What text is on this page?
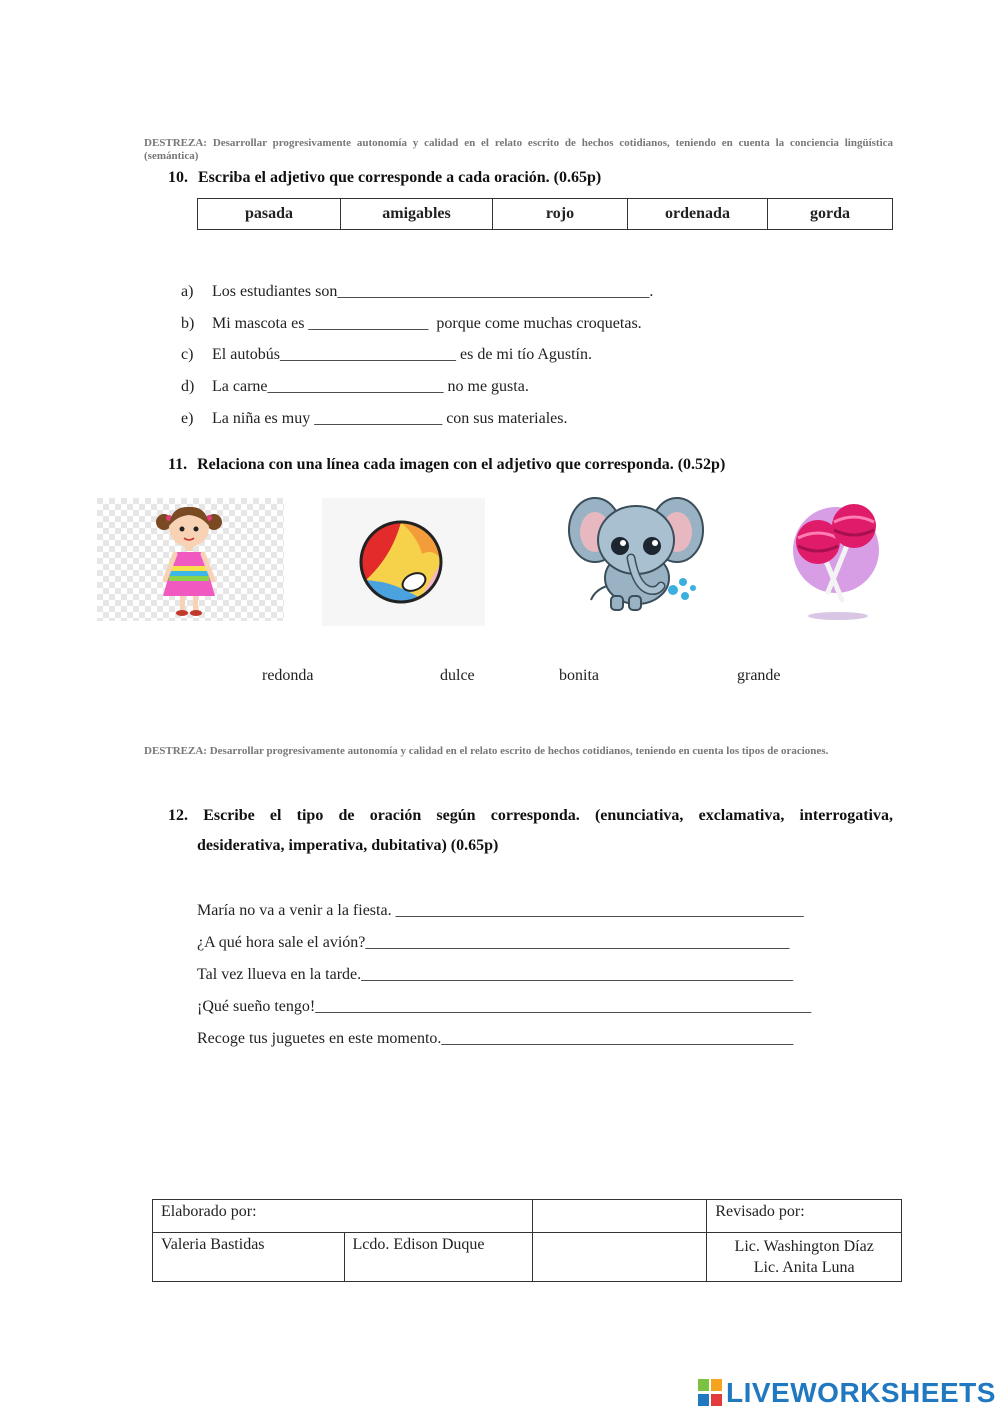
DESTREZA: Desarrollar progresivamente autonomía y calidad en el relato escrito de hechos cotidianos, teniendo en cuenta la conciencia lingüística (semántica)
10. Escriba el adjetivo que corresponde a cada oración. (0.65p)
pasada	amigables	rojo	ordenada	gorda

a) Los estudiantes son_______________________________________.

b) Mi mascota es _______________  porque come muchas croquetas.

c) El autobús______________________ es de mi tío Agustín.

d) La carne______________________ no me gusta.

e) La niña es muy ________________ con sus materiales.

11. Relaciona con una línea cada imagen con el adjetivo que corresponda. (0.52p)
redonda	dulce	bonita	grande
DESTREZA: Desarrollar progresivamente autonomía y calidad en el relato escrito de hechos cotidianos, teniendo en cuenta los tipos de oraciones.
12. Escribe el tipo de oración según corresponda. (enunciativa, exclamativa, interrogativa,
desiderativa, imperativa, dubitativa) (0.65p)
María no va a venir a la fiesta. ___________________________________________________
¿A qué hora sale el avión?_____________________________________________________
Tal vez llueva en la tarde.______________________________________________________
¡Qué sueño tengo!______________________________________________________________
Recoge tus juguetes en este momento.____________________________________________
Elaborado por:			Revisado por:
Valeria Bastidas	Lcdo. Edison Duque		Lic. Washington Díaz
Lic. Anita Luna
LIVEWORKSHEETS
